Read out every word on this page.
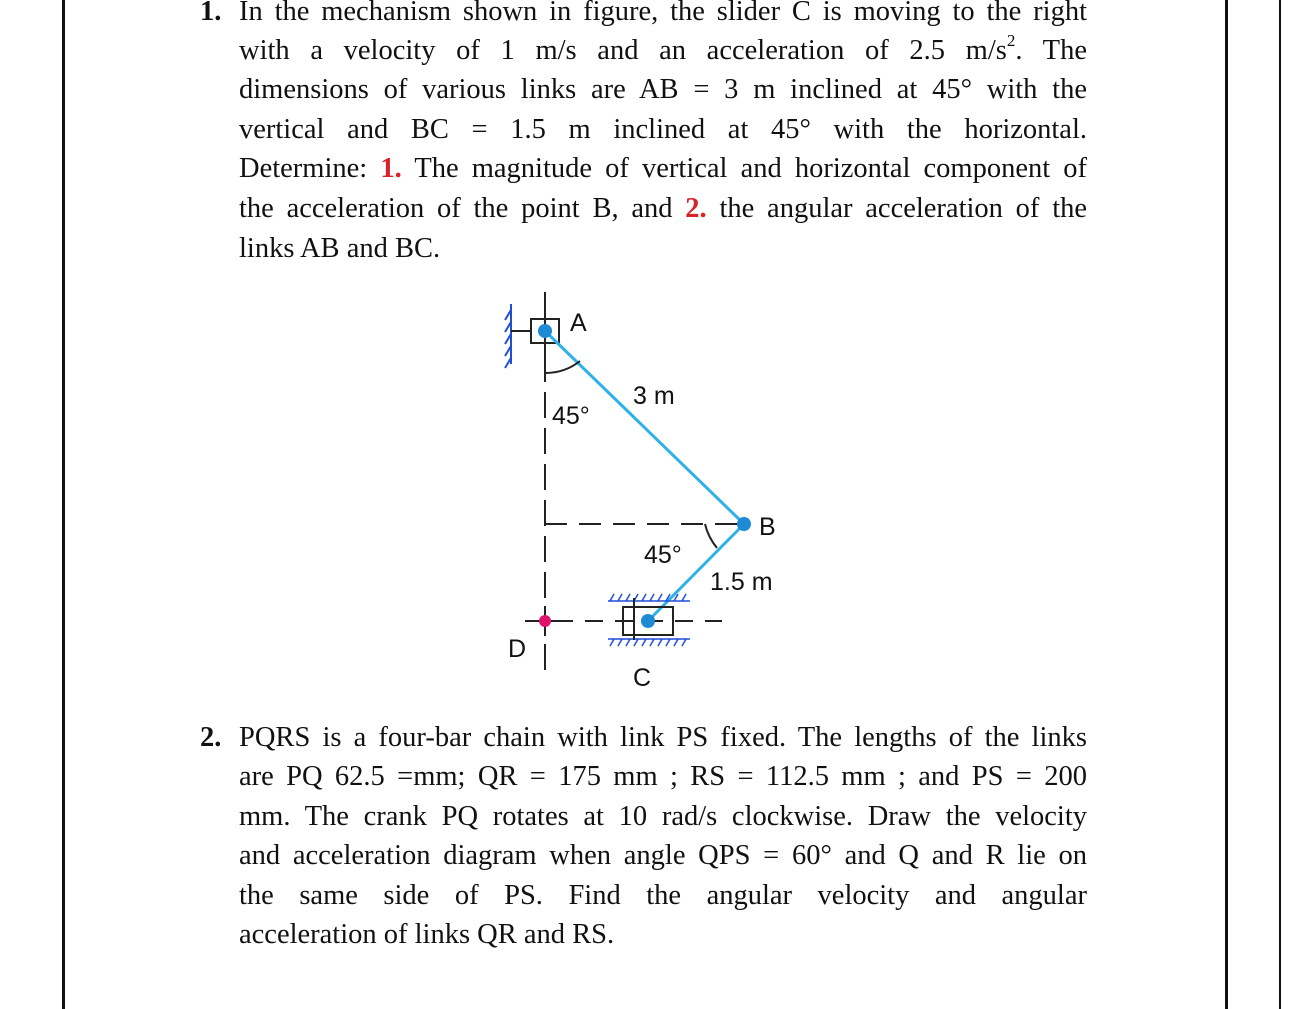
1. In the mechanism shown in figure, the slider C is moving to the right
with a velocity of 1 m/s and an acceleration of 2.5 $m/s^2$. The
dimensions of various links are AB = 3 m inclined at 45° with the
vertical and BC = 1.5 m inclined at 45° with the horizontal.
Determine: 1. The magnitude of vertical and horizontal component of
the acceleration of the point B, and 2. the angular acceleration of the
links AB and BC.
A
3 m
45°
B
45°
1.5 m
D
C
2. PQRS is a four-bar chain with link PS fixed. The lengths of the links
are PQ 62.5 =mm; QR = 175 mm ; RS = 112.5 mm ; and PS = 200
mm. The crank PQ rotates at 10 rad/s clockwise. Draw the velocity
and acceleration diagram when angle QPS = 60° and Q and R lie on
the same side of PS. Find the angular velocity and angular
acceleration of links QR and RS.
